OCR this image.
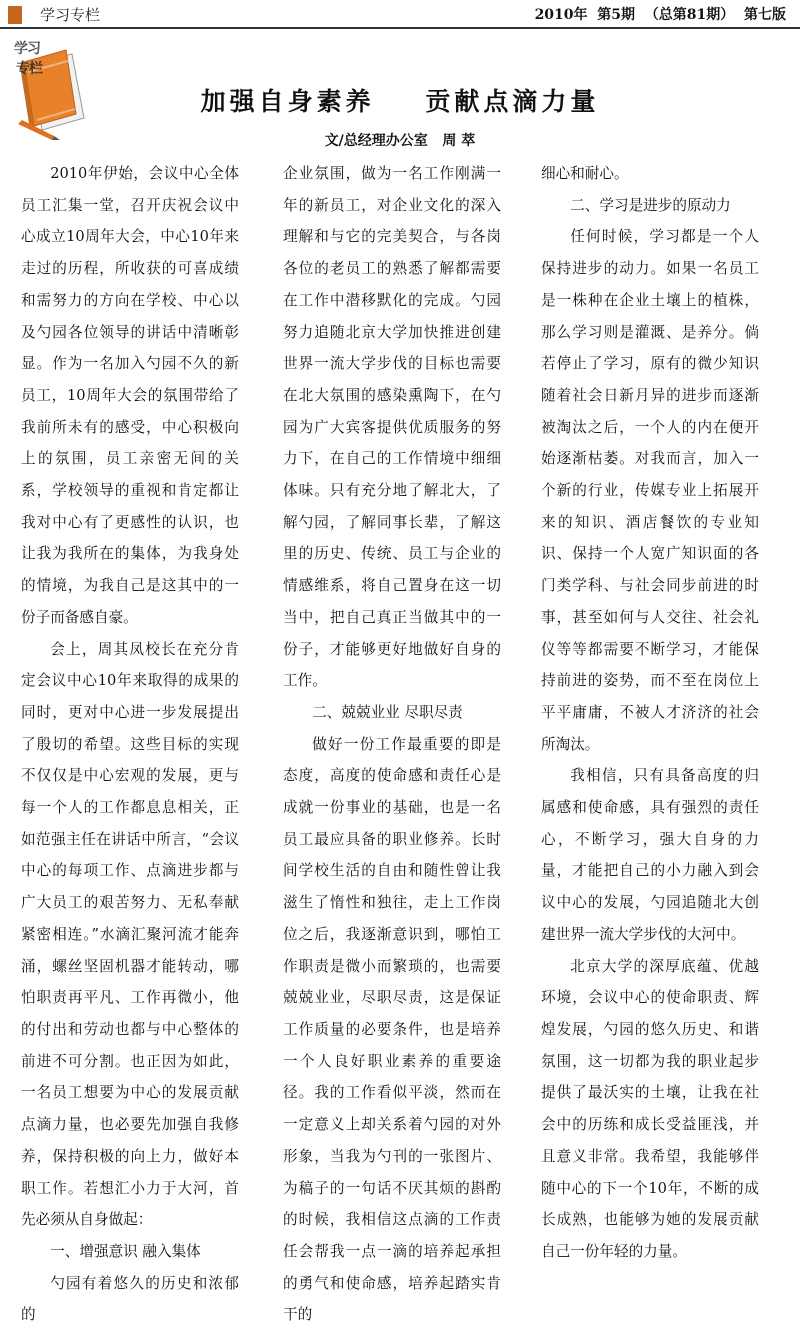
学习专栏	2010年  第5期  （总第81期）  第七版
学习
专栏
加强自身素养    贡献点滴力量
文/总经理办公室   周 萃

2010年伊始，会议中心全体员工汇集一堂，召开庆祝会议中心成立10周年大会，中心10年来走过的历程，所收获的可喜成绩和需努力的方向在学校、中心以及勺园各位领导的讲话中清晰彰显。作为一名加入勺园不久的新员工，10周年大会的氛围带给了我前所未有的感受，中心积极向上的氛围，员工亲密无间的关系，学校领导的重视和肯定都让我对中心有了更感性的认识，也让我为我所在的集体，为我身处的情境，为我自己是这其中的一份子而备感自豪。

会上，周其凤校长在充分肯定会议中心10年来取得的成果的同时，更对中心进一步发展提出了殷切的希望。这些目标的实现不仅仅是中心宏观的发展，更与每一个人的工作都息息相关，正如范强主任在讲话中所言，“会议中心的每项工作、点滴进步都与广大员工的艰苦努力、无私奉献紧密相连。”水滴汇聚河流才能奔涌，螺丝坚固机器才能转动，哪怕职责再平凡、工作再微小，他的付出和劳动也都与中心整体的前进不可分割。也正因为如此，一名员工想要为中心的发展贡献点滴力量，也必要先加强自我修养，保持积极的向上力，做好本职工作。若想汇小力于大河，首先必须从自身做起：

一、增强意识 融入集体

勺园有着悠久的历史和浓郁的

企业氛围，做为一名工作刚满一年的新员工，对企业文化的深入理解和与它的完美契合，与各岗各位的老员工的熟悉了解都需要在工作中潜移默化的完成。勺园努力追随北京大学加快推进创建世界一流大学步伐的目标也需要在北大氛围的感染熏陶下，在勺园为广大宾客提供优质服务的努力下，在自己的工作情境中细细体味。只有充分地了解北大，了解勺园，了解同事长辈，了解这里的历史、传统、员工与企业的情感维系，将自己置身在这一切当中，把自己真正当做其中的一份子，才能够更好地做好自身的工作。

二、兢兢业业 尽职尽责

做好一份工作最重要的即是态度，高度的使命感和责任心是成就一份事业的基础，也是一名员工最应具备的职业修养。长时间学校生活的自由和随性曾让我滋生了惰性和独往，走上工作岗位之后，我逐渐意识到，哪怕工作职责是微小而繁琐的，也需要兢兢业业，尽职尽责，这是保证工作质量的必要条件，也是培养一个人良好职业素养的重要途径。我的工作看似平淡，然而在一定意义上却关系着勺园的对外形象，当我为勺刊的一张图片、为稿子的一句话不厌其烦的斟酌的时候，我相信这点滴的工作责任会帮我一点一滴的培养起承担的勇气和使命感，培养起踏实肯干的

细心和耐心。

二、学习是进步的原动力

任何时候，学习都是一个人保持进步的动力。如果一名员工是一株种在企业土壤上的植株，那么学习则是灌溉、是养分。倘若停止了学习，原有的微少知识随着社会日新月异的进步而逐渐被淘汰之后，一个人的内在便开始逐渐枯萎。对我而言，加入一个新的行业，传媒专业上拓展开来的知识、酒店餐饮的专业知识、保持一个人宽广知识面的各门类学科、与社会同步前进的时事，甚至如何与人交往、社会礼仪等等都需要不断学习，才能保持前进的姿势，而不至在岗位上平平庸庸，不被人才济济的社会所淘汰。

我相信，只有具备高度的归属感和使命感，具有强烈的责任心，不断学习，强大自身的力量，才能把自己的小力融入到会议中心的发展，勺园追随北大创建世界一流大学步伐的大河中。

北京大学的深厚底蕴、优越环境，会议中心的使命职责、辉煌发展，勺园的悠久历史、和谐氛围，这一切都为我的职业起步提供了最沃实的土壤，让我在社会中的历练和成长受益匪浅，并且意义非常。我希望，我能够伴随中心的下一个10年，不断的成长成熟，也能够为她的发展贡献自己一份年轻的力量。
